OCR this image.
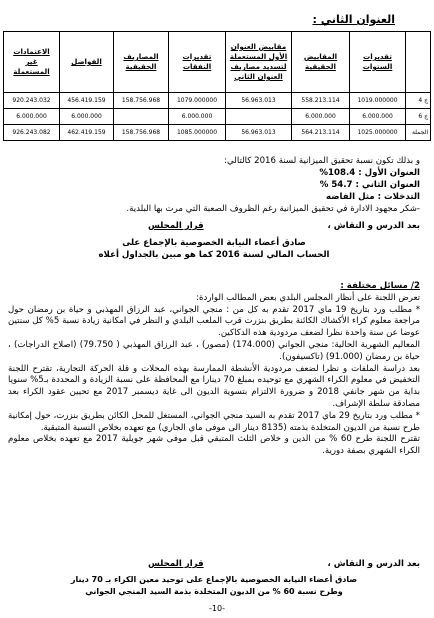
العنوان الثاني :
	تقديرات السنوات	المقابيض الحقيقية	مقابيض العنوان الأول المستعملة لتسديد مصاريف العنوان الثاني	تقديرات النفقات	المصاريف الحقيقية	الفواضل	الاعتمادات غير المستعملة
ج 4	1019.000000	558.213.114	56.963.013	1079.000000	158.756.968	456.419.159	920.243.032
ج 6	6.000.000	6.000.000		6.000.000		6.000.000	6.000.000
الجملة	1025.000000	564.213.114	56.963.013	1085.000000	158.756.968	462.419.159	926.243.082
و بذلك تكون نسبة تحقيق الميزانية لسنة 2016 كالتالي:
العنوان الأول : 108.4%
العنوان الثاني : 54.7 %
التدخلات : مثل الفاضه
-شكر مجهود الادارة في تحقيق الميزانية رغم الظروف الصعبة التي مرت بها البلدية.
بعد الدرس و التقاش ،
قرار المجلس
صادق أعضاء النيابة الخصوصية بالإجماع على
الحساب المالي لسنة 2016 كما هو مبين بالجداول أعلاه
2/ مسائل مختلفة :
تعرض اللجنة على أنظار المجلس البلدي بعض المطالب الواردة:
* مطلب ورد بتاريخ 19 ماي 2017 تقدم به كل من : منجي الجواني، عبد الرزاق المهذبي و حياة بن رمضان حول مراجعة معلوم كراء الأكشاك الكائنة بطريق بنزرت قرب الملعب البلدي و النظر في امكانية زيادة نسبة 5% كل سنتين عوضا عن سنة واحدة نظرا لضعف مردودية هذه الدكاكين.
المعاليم الشهرية الحالية: منجي الجواني (174.000) (مصور) ، عبد الرزاق المهذبي ( 79.750) (اصلاح الدراجات) ، حياة بن رمضان (91.000) (تاكسيفون).
بعد دراسة الملفات و نظرا لضعف مردودية الأنشطة الممارسة بهذه المحلات و قلة الحركة التجارية، تقترح اللجنة التخفيض في معلوم الكراء الشهري مع توحيده بمبلغ 70 دينارا مع المحافظة على نسبة الزيادة و المحددة بـ5% سنويا بداية من شهر جانفي 2018 و ضرورة الالتزام بتسوية الديون الى غاية ديسمبر 2017 مع تحيين عقود الكراء بعد مصادقة سلطة الإشراف.
* مطلب ورد بتاريخ 29 ماي 2017 تقدم به السيد منجي الجواني، المستغل للمحل الكائن بطريق بنزرت، حول إمكانية طرح نسبة من الديون المتخلدة بذمته (8135 دينار الى موفى ماي الجاري) مع تعهده بخلاص النسبة المتبقية.
تقترح اللجنة طرح 60 % من الدين و خلاص الثلث المتبقي قبل موفى شهر جويلية 2017 مع تعهده بخلاص معلوم الكراء الشهري بصفة دورية.
بعد الدرس و التقاش ،
قرار المجلس
صادق أعضاء النيابة الخصوصية بالإجماع على توحيد معين الكراء بـ 70 دينار
وطرح نسبة 60 % من الديون المتخلدة بذمة السيد المنجي الجواني
-10-
